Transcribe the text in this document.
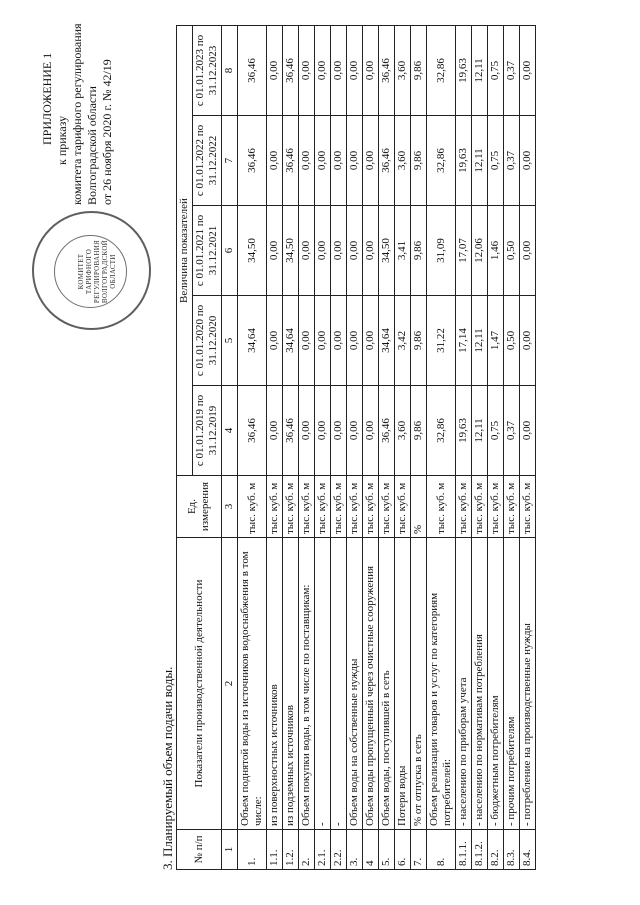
ПРИЛОЖЕНИЕ 1 к приказу комитета тарифного регулирования Волгоградской области от 26 ноября 2020 г. № 42/19
КОМИТЕТ ТАРИФНОГО РЕГУЛИРОВАНИЯ ВОЛГОГРАДСКОЙ ОБЛАСТИ
3. Планируемый объем подачи воды. № п/п	Показатели производственной деятельности	Ед. измерения	Величина показателей				
			с 01.01.2019 по 31.12.2019	с 01.01.2020 по 31.12.2020	с 01.01.2021 по 31.12.2021	с 01.01.2022 по 31.12.2022	с 01.01.2023 по 31.12.2023
1	2	3	4	5	6	7	8
1.	Объем поднятой воды из источников водоснабжения в том числе:	тыс. куб. м	36,46	34,64	34,50	36,46	36,46
1.1.	из поверхностных источников	тыс. куб. м	0,00	0,00	0,00	0,00	0,00
1.2.	из подземных источников	тыс. куб. м	36,46	34,64	34,50	36,46	36,46
2.	Объем покупки воды, в том числе по поставщикам:	тыс. куб. м	0,00	0,00	0,00	0,00	0,00
2.1.	-	тыс. куб. м	0,00	0,00	0,00	0,00	0,00
2.2.	-	тыс. куб. м	0,00	0,00	0,00	0,00	0,00
3.	Объем воды на собственные нужды	тыс. куб. м	0,00	0,00	0,00	0,00	0,00
4	Объем воды пропущенный через очистные сооружения	тыс. куб. м	0,00	0,00	0,00	0,00	0,00
5.	Объем воды, поступившей в сеть	тыс. куб. м	36,46	34,64	34,50	36,46	36,46
6.	Потери воды	тыс. куб. м	3,60	3,42	3,41	3,60	3,60
7.	% от отпуска в сеть	%	9,86	9,86	9,86	9,86	9,86
8.	Объем реализации товаров и услуг по категориям потребителей:	тыс. куб. м	32,86	31,22	31,09	32,86	32,86
8.1.1.	- населению по приборам учета	тыс. куб. м	19,63	17,14	17,07	19,63	19,63
8.1.2.	- населению по нормативам потребления	тыс. куб. м	12,11	12,11	12,06	12,11	12,11
8.2.	- бюджетным потребителям	тыс. куб. м	0,75	1,47	1,46	0,75	0,75
8.3.	- прочим потребителям	тыс. куб. м	0,37	0,50	0,50	0,37	0,37
8.4.	- потребление на производственные нужды	тыс. куб. м	0,00	0,00	0,00	0,00	0,00
